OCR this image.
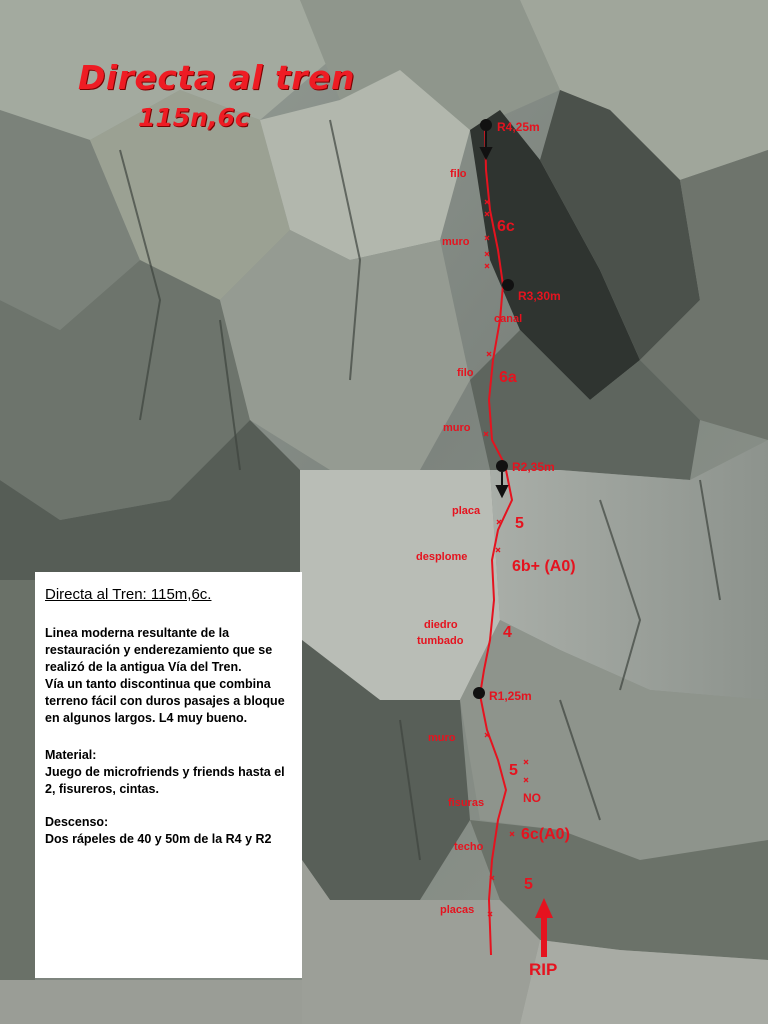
Directa al tren
115n,6c	R4,25m
R3,30m
R2,35m
R1,25m
filo
muro
canal
filo
muro
placa
desplome
diedro
tumbado
muro
fisuras
techo
placas
6c
6a
5
6b+ (A0)
4
5
NO
6c(A0)
5
RIP
Directa al Tren: 115m,6c.

Linea moderna resultante de la restauración y enderezamiento que se realizó de la antigua Vía del Tren.
Vía un tanto discontinua que combina terreno fácil con duros pasajes a bloque en algunos largos. L4 muy bueno.

Material:

Juego de microfriends y friends hasta el 2, fisureros, cintas.

Descenso:

Dos rápeles de 40 y 50m de la R4 y R2
